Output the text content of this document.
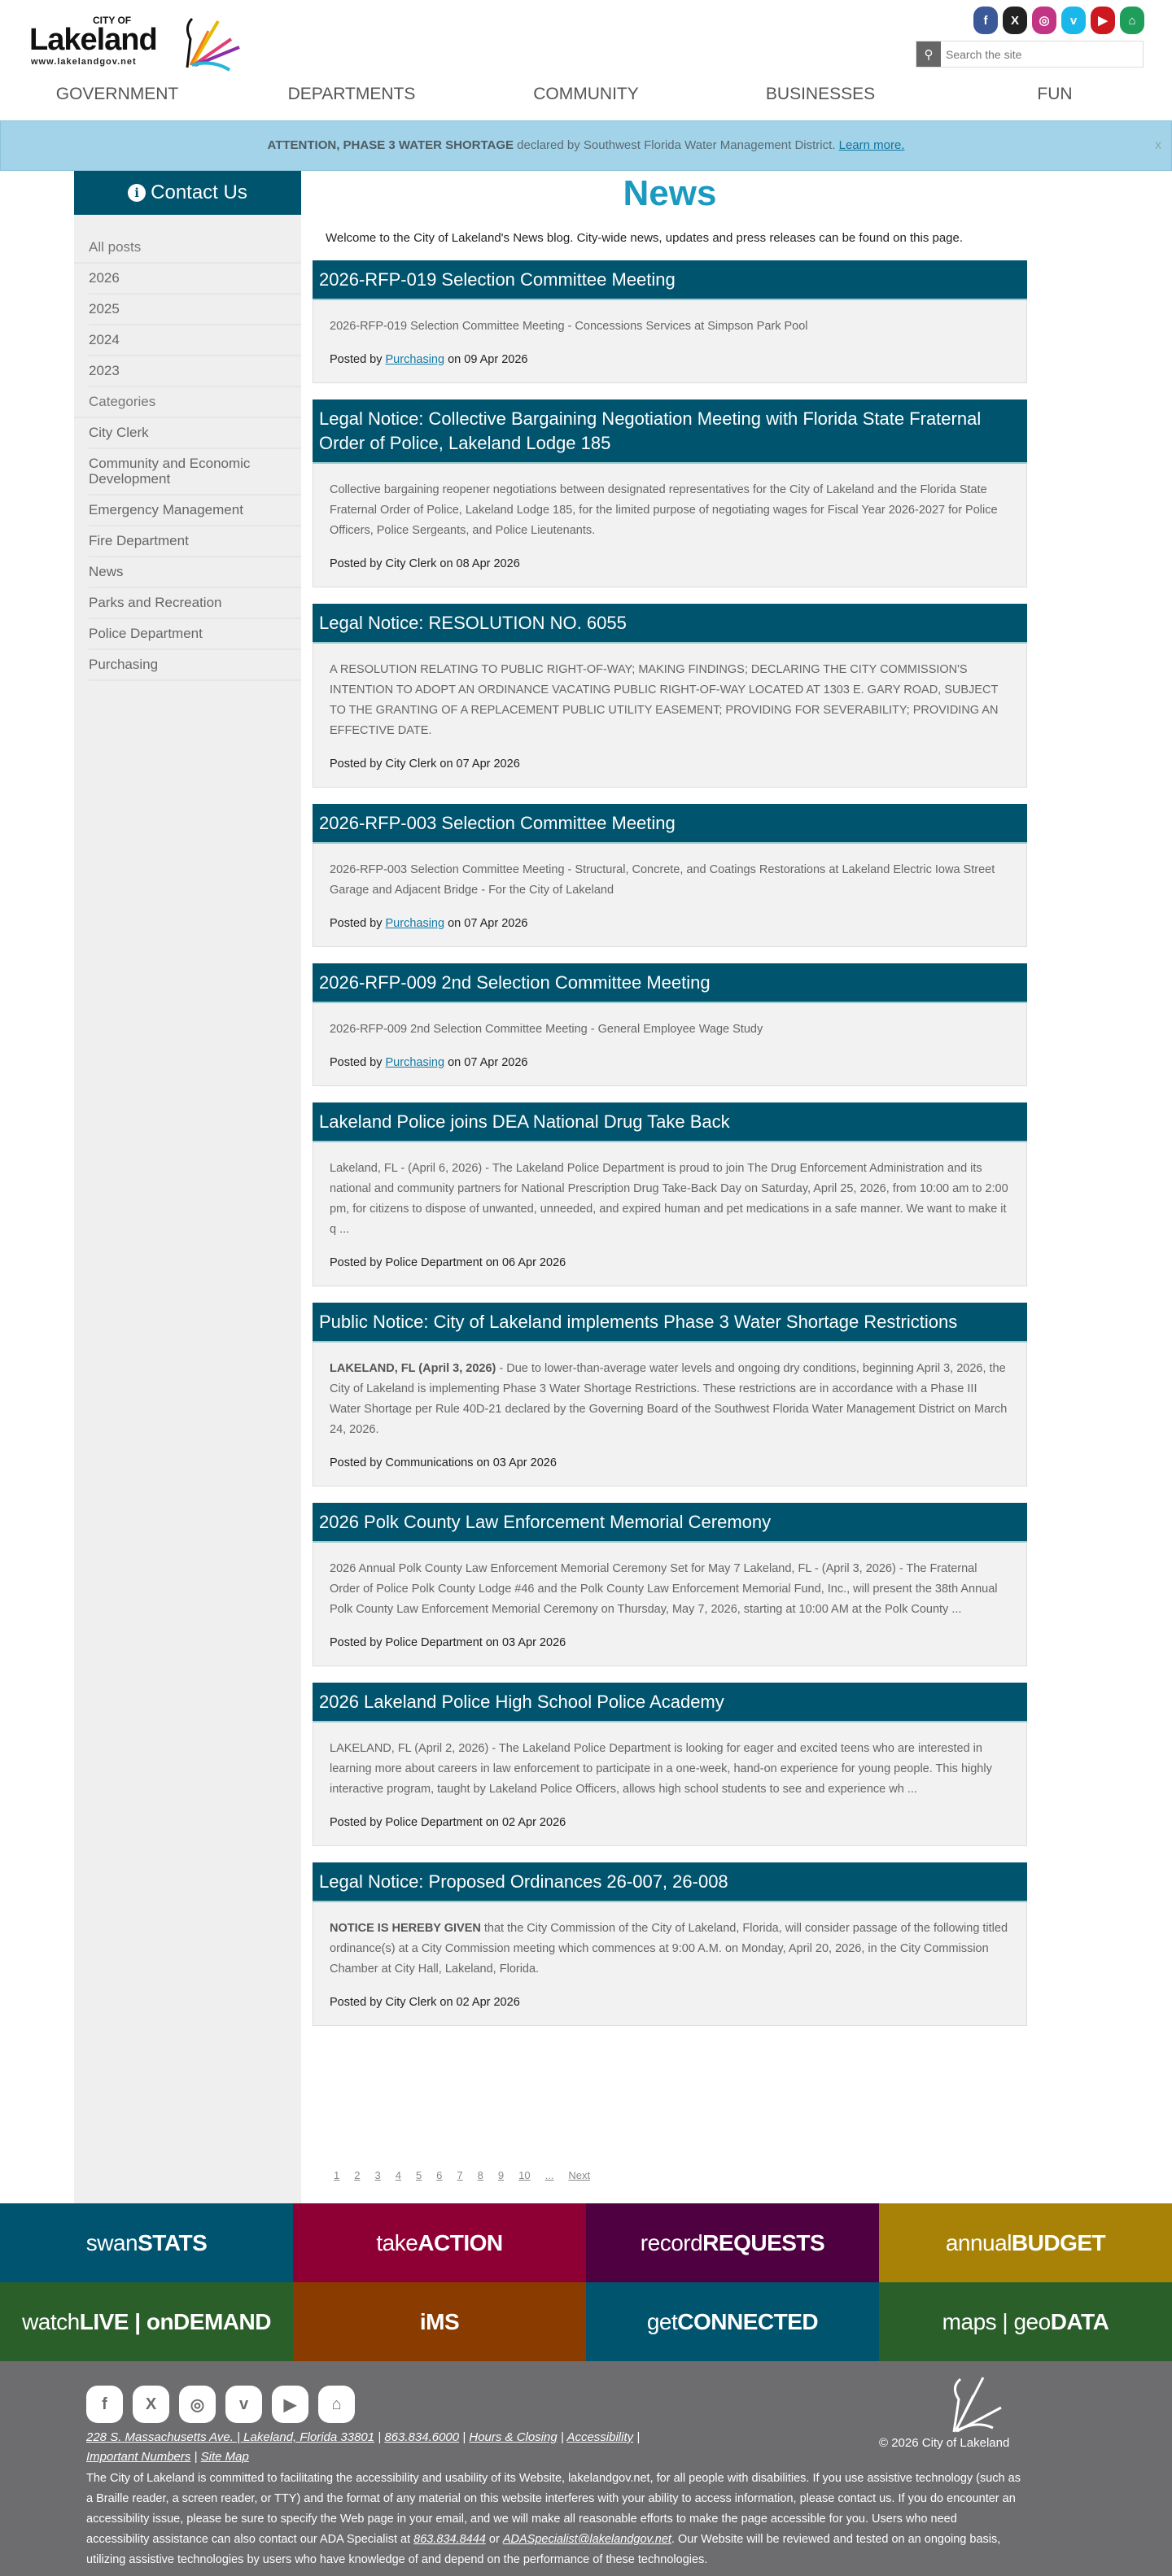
CITY OF
Lakeland
www.lakelandgov.net
f	X	◎	v	▶	⌂
⚲
Search the site
GOVERNMENT	DEPARTMENTS	COMMUNITY	BUSINESSES	FUN
ATTENTION, PHASE 3 WATER SHORTAGE declared by Southwest Florida Water Management District. Learn more.	x
i Contact Us
All posts
2026
2025
2024
2023
Categories
City Clerk
Community and Economic Development
Emergency Management
Fire Department
News
Parks and Recreation
Police Department
Purchasing
News
Welcome to the City of Lakeland's News blog. City-wide news, updates and press releases can be found on this page.
2026-RFP-019 Selection Committee Meeting

2026-RFP-019 Selection Committee Meeting - Concessions Services at Simpson Park Pool

Posted by Purchasing on 09 Apr 2026
Legal Notice: Collective Bargaining Negotiation Meeting with Florida State Fraternal Order of Police, Lakeland Lodge 185

Collective bargaining reopener negotiations between designated representatives for the City of Lakeland and the Florida State Fraternal Order of Police, Lakeland Lodge 185, for the limited purpose of negotiating wages for Fiscal Year 2026-2027 for Police Officers, Police Sergeants, and Police Lieutenants.

Posted by City Clerk on 08 Apr 2026
Legal Notice: RESOLUTION NO. 6055

A RESOLUTION RELATING TO PUBLIC RIGHT-OF-WAY; MAKING FINDINGS; DECLARING THE CITY COMMISSION'S INTENTION TO ADOPT AN ORDINANCE VACATING PUBLIC RIGHT-OF-WAY LOCATED AT 1303 E. GARY ROAD, SUBJECT TO THE GRANTING OF A REPLACEMENT PUBLIC UTILITY EASEMENT; PROVIDING FOR SEVERABILITY; PROVIDING AN EFFECTIVE DATE.

Posted by City Clerk on 07 Apr 2026
2026-RFP-003 Selection Committee Meeting

2026-RFP-003 Selection Committee Meeting - Structural, Concrete, and Coatings Restorations at Lakeland Electric Iowa Street Garage and Adjacent Bridge - For the City of Lakeland

Posted by Purchasing on 07 Apr 2026
2026-RFP-009 2nd Selection Committee Meeting

2026-RFP-009 2nd Selection Committee Meeting - General Employee Wage Study

Posted by Purchasing on 07 Apr 2026
Lakeland Police joins DEA National Drug Take Back

Lakeland, FL - (April 6, 2026) - The Lakeland Police Department is proud to join The Drug Enforcement Administration and its national and community partners for National Prescription Drug Take-Back Day on Saturday, April 25, 2026, from 10:00 am to 2:00 pm, for citizens to dispose of unwanted, unneeded, and expired human and pet medications in a safe manner. We want to make it q ...

Posted by Police Department on 06 Apr 2026
Public Notice: City of Lakeland implements Phase 3 Water Shortage Restrictions

LAKELAND, FL (April 3, 2026) - Due to lower-than-average water levels and ongoing dry conditions, beginning April 3, 2026, the City of Lakeland is implementing Phase 3 Water Shortage Restrictions. These restrictions are in accordance with a Phase III Water Shortage per Rule 40D-21 declared by the Governing Board of the Southwest Florida Water Management District on March 24, 2026.

Posted by Communications on 03 Apr 2026
2026 Polk County Law Enforcement Memorial Ceremony

2026 Annual Polk County Law Enforcement Memorial Ceremony Set for May 7 Lakeland, FL - (April 3, 2026) - The Fraternal Order of Police Polk County Lodge #46 and the Polk County Law Enforcement Memorial Fund, Inc., will present the 38th Annual Polk County Law Enforcement Memorial Ceremony on Thursday, May 7, 2026, starting at 10:00 AM at the Polk County ...

Posted by Police Department on 03 Apr 2026
2026 Lakeland Police High School Police Academy

LAKELAND, FL (April 2, 2026) - The Lakeland Police Department is looking for eager and excited teens who are interested in learning more about careers in law enforcement to participate in a one-week, hand-on experience for young people. This highly interactive program, taught by Lakeland Police Officers, allows high school students to see and experience wh ...

Posted by Police Department on 02 Apr 2026
Legal Notice: Proposed Ordinances 26-007, 26-008

NOTICE IS HEREBY GIVEN that the City Commission of the City of Lakeland, Florida, will consider passage of the following titled ordinance(s) at a City Commission meeting which commences at 9:00 A.M. on Monday, April 20, 2026, in the City Commission Chamber at City Hall, Lakeland, Florida.

Posted by City Clerk on 02 Apr 2026
1 2 3 4 5 6 7 8 9 10 ... Next
swan STATS	take ACTION	record REQUESTS	annual BUDGET
watch LIVE | onDEMAND	iMS	get CONNECTED	maps | geo DATA
f	X	◎	v	▶	⌂
228 S. Massachusetts Ave. | Lakeland, Florida 33801 | 863.834.6000 | Hours & Closing | Accessibility |
Important Numbers | Site Map
The City of Lakeland is committed to facilitating the accessibility and usability of its Website, lakelandgov.net, for all people with disabilities. If you use assistive technology (such as a Braille reader, a screen reader, or TTY) and the format of any material on this website interferes with your ability to access information, please contact us. If you do encounter an accessibility issue, please be sure to specify the Web page in your email, and we will make all reasonable efforts to make the page accessible for you. Users who need accessibility assistance can also contact our ADA Specialist at 863.834.8444 or ADASpecialist@lakelandgov.net. Our Website will be reviewed and tested on an ongoing basis, utilizing assistive technologies by users who have knowledge of and depend on the performance of these technologies.
© 2026 City of Lakeland
